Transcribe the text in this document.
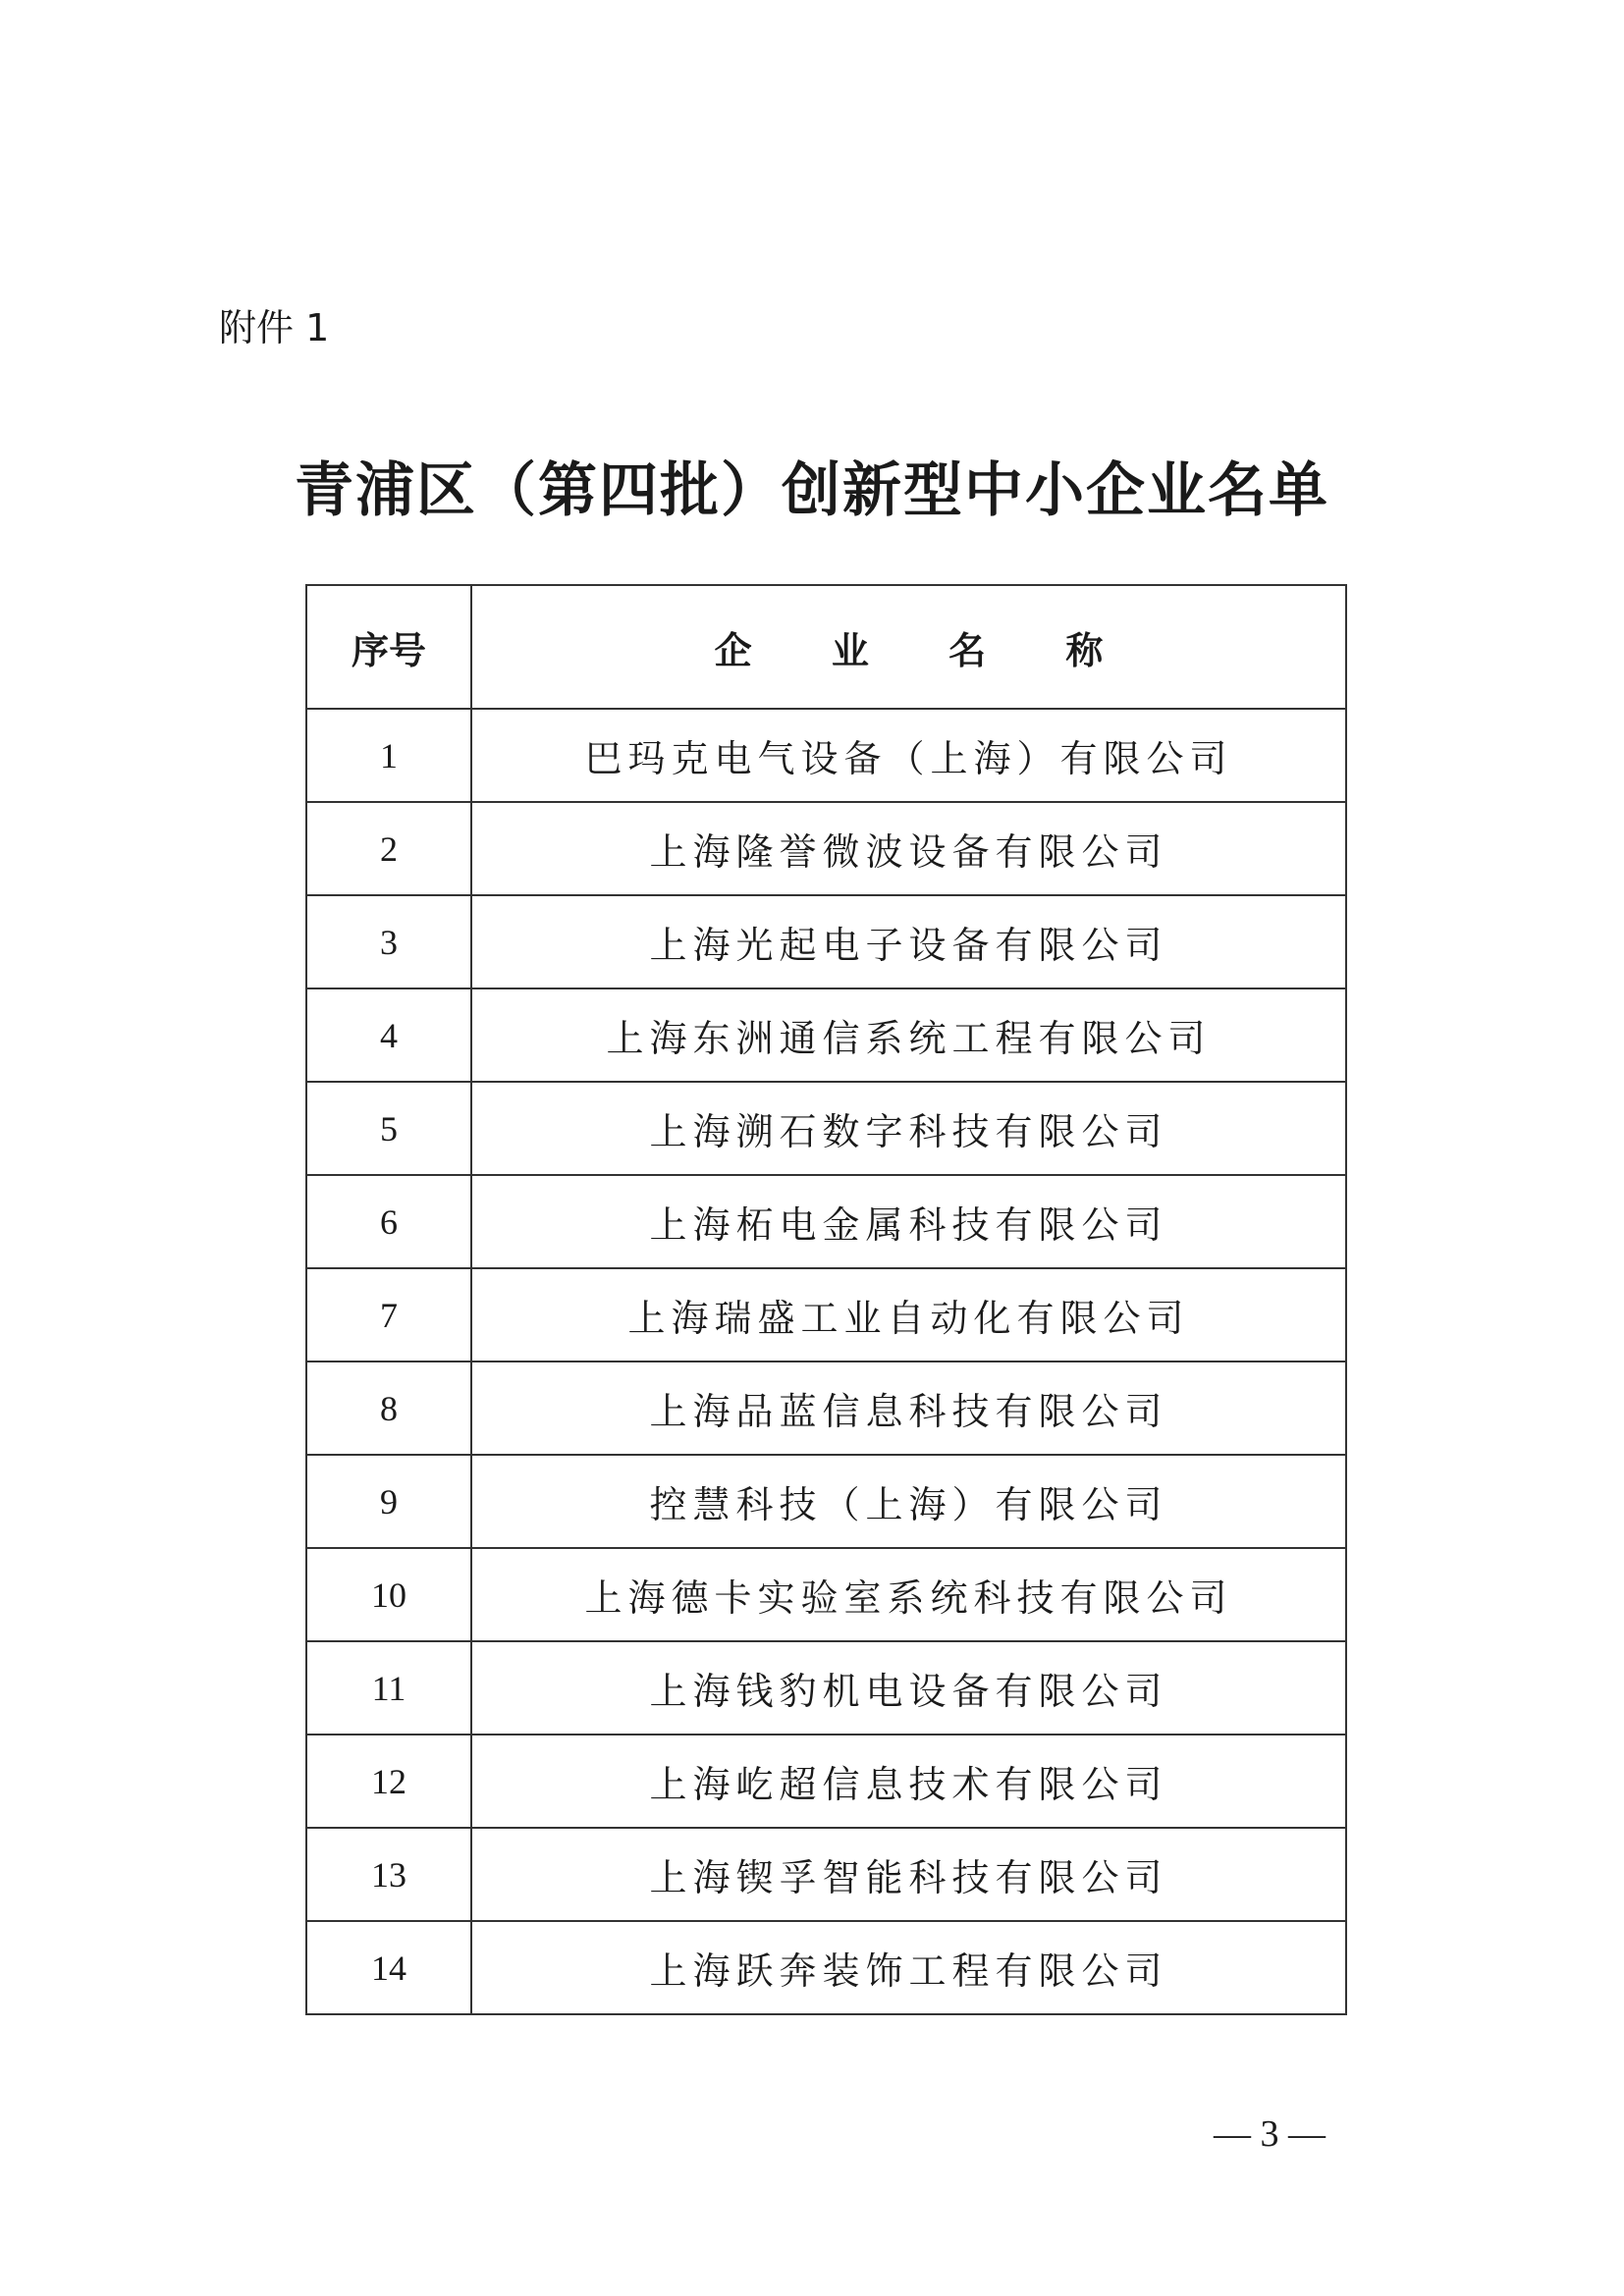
附件 1
青浦区（第四批）创新型中小企业名单
序号	企 业 名 称
1	巴玛克电气设备（上海）有限公司
2	上海隆誉微波设备有限公司
3	上海光起电子设备有限公司
4	上海东洲通信系统工程有限公司
5	上海溯石数字科技有限公司
6	上海柘电金属科技有限公司
7	上海瑞盛工业自动化有限公司
8	上海品蓝信息科技有限公司
9	控慧科技（上海）有限公司
10	上海德卡实验室系统科技有限公司
11	上海钱豹机电设备有限公司
12	上海屹超信息技术有限公司
13	上海锲孚智能科技有限公司
14	上海跃奔装饰工程有限公司
— 3 —
